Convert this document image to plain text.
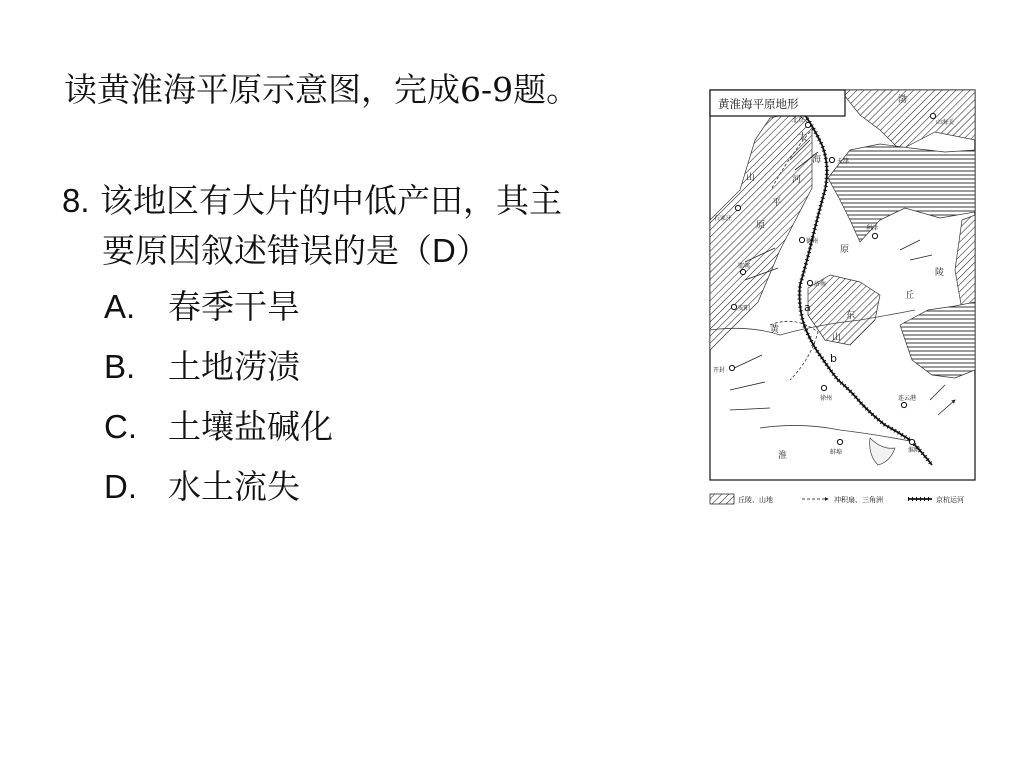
读黄淮海平原示意图，完成6-9题。
8. 该地区有大片的中低产田，其主
要原因叙述错误的是（D）
A. 春季干旱
B. 土地涝渍
C. 土壤盐碱化
D. 水土流失
黄淮海平原地形
北京
天津
山海关
石家庄
德州
利津
邯郸
济南
安阳
开封
徐州	连云港
淮阴
蚌埠
海
河
平
原
黄
淮
原
山
东
丘
陵
渤
山
太
a
b
丘陵、山地	冲积扇、三角洲	京杭运河
